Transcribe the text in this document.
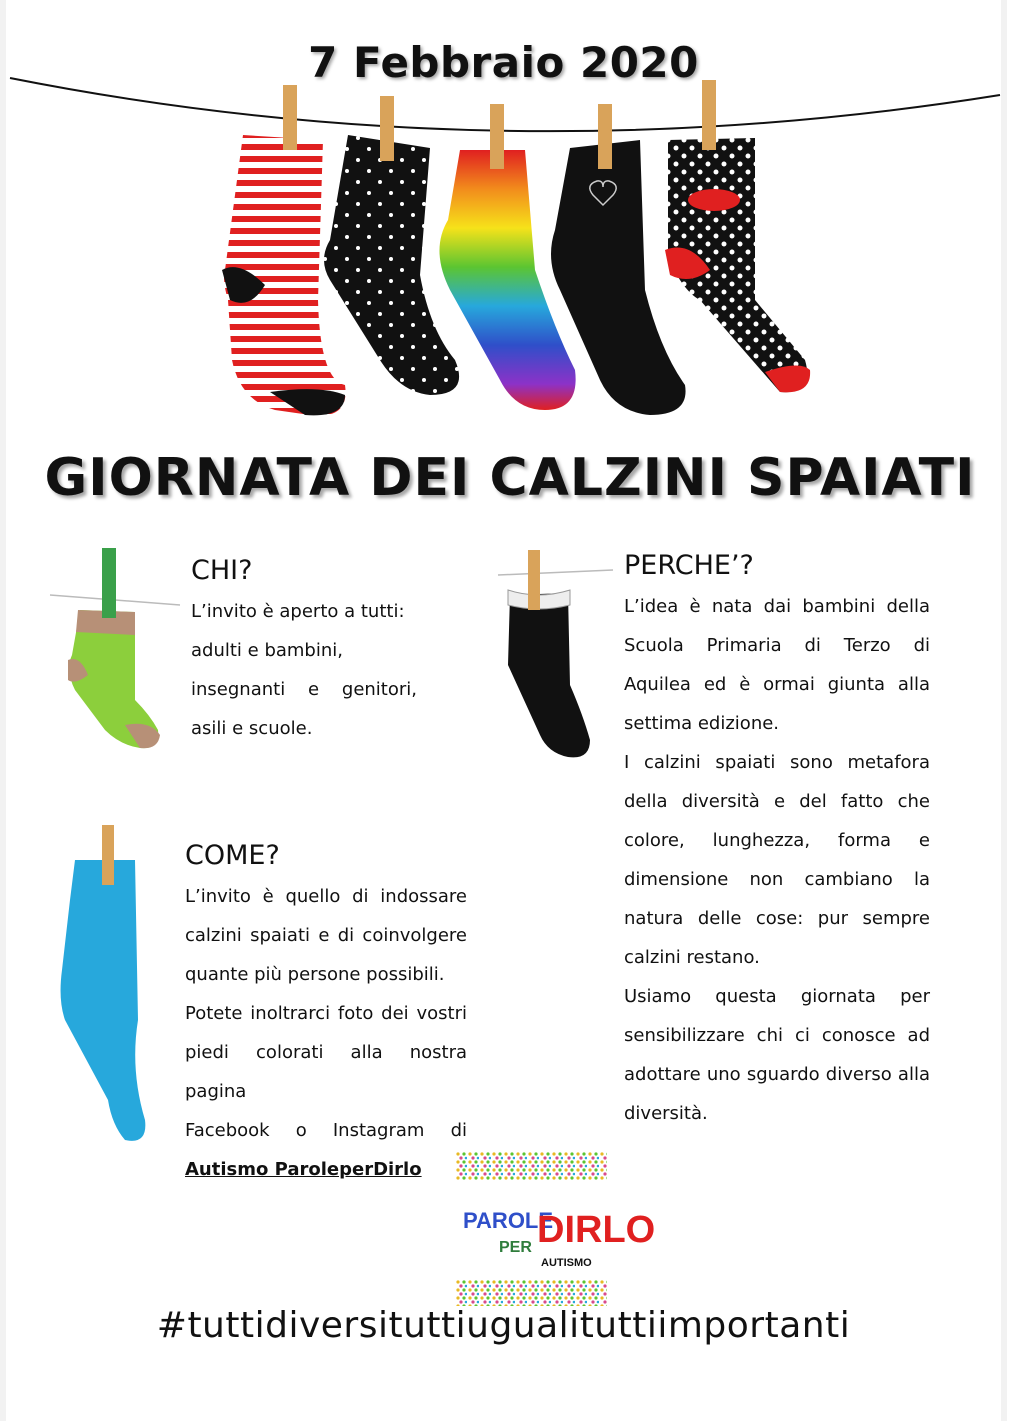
7 Febbraio 2020
GIORNATA DEI CALZINI SPAIATI
CHI?
L’invito è aperto a tutti:
adulti e bambini,
insegnanti e genitori,
asili e scuole.
COME?
L’invito è quello di indossare
calzini spaiati e di coinvolgere
quante più persone possibili.
Potete inoltrarci foto dei vostri
piedi colorati alla nostra pagina
Facebook o Instagram di
Autismo ParoleperDirlo
PERCHE’?
L’idea è nata dai bambini della
Scuola Primaria di Terzo di
Aquilea ed è ormai giunta alla
settima edizione.
I calzini spaiati sono metafora
della diversità e del fatto che
colore, lunghezza, forma e
dimensione non cambiano la
natura delle cose: pur sempre
calzini restano.
Usiamo questa giornata per
sensibilizzare chi ci conosce ad
adottare uno sguardo diverso alla
diversità.
PAROLE
DIRLO
PER
AUTISMO
#tuttidiversituttiugualituttiimportanti
